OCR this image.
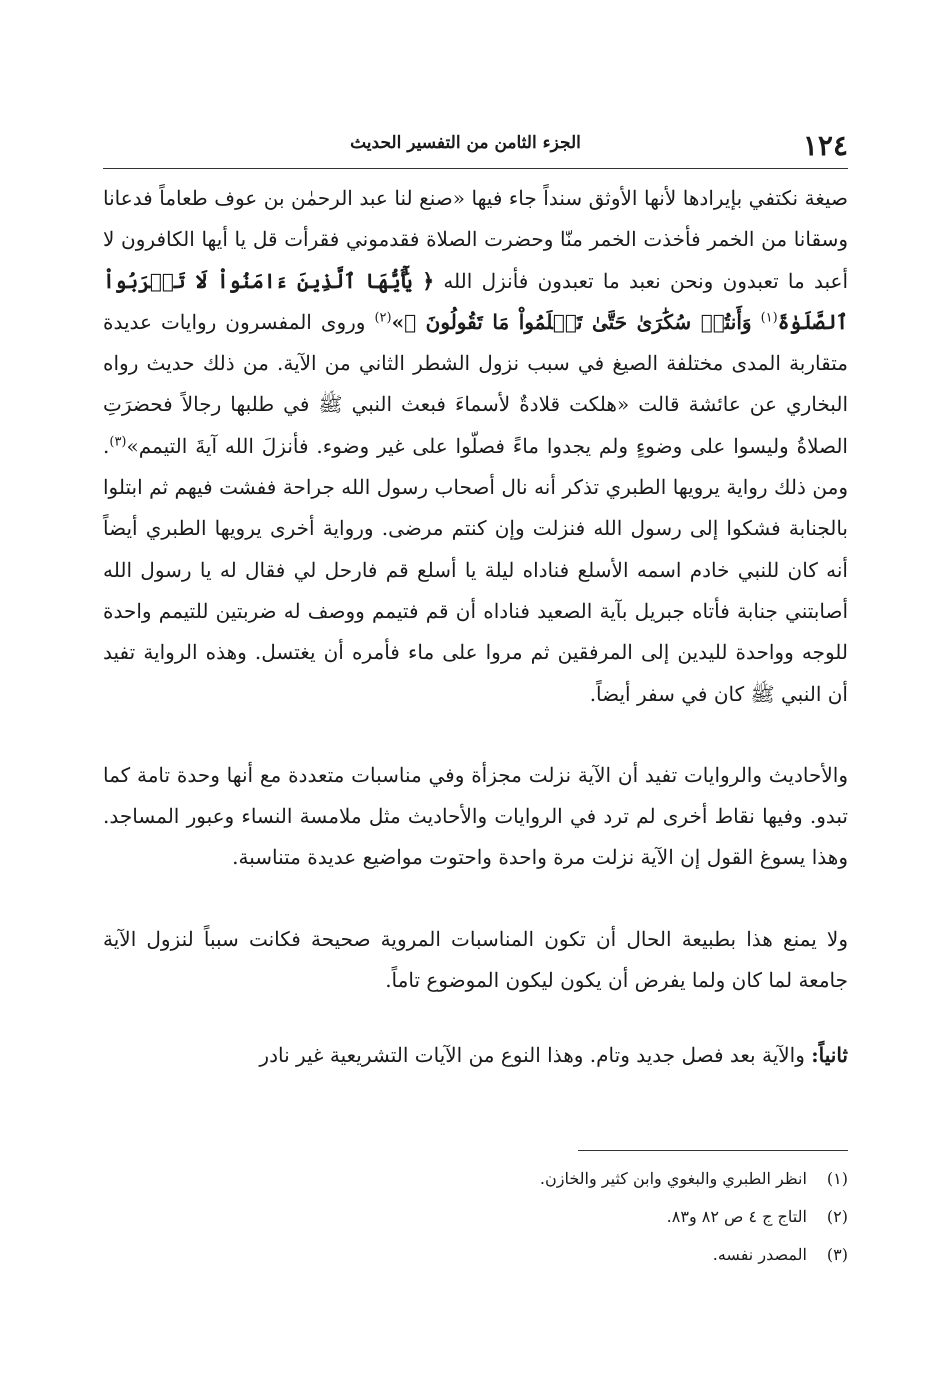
١٢٤
الجزء الثامن من التفسير الحديث

صيغة نكتفي بإيرادها لأنها الأوثق سنداً جاء فيها «صنع لنا عبد الرحمٰن بن عوف طعاماً فدعانا وسقانا من الخمر فأخذت الخمر منّا وحضرت الصلاة فقدموني فقرأت قل يا أيها الكافرون لا أعبد ما تعبدون ونحن نعبد ما تعبدون فأنزل الله ﴿ يَٰٓأَيُّهَا ٱلَّذِينَ ءَامَنُواْ لَا تَقۡرَبُواْ ٱلصَّلَوٰةَ$^{(١)}$ وَأَنتُمۡ سُكَٰرَىٰ حَتَّىٰ تَعۡلَمُواْ مَا تَقُولُونَ ﴾»$^{(٢)}$ وروى المفسرون روايات عديدة متقاربة المدى مختلفة الصيغ في سبب نزول الشطر الثاني من الآية. من ذلك حديث رواه البخاري عن عائشة قالت «هلكت قلادةٌ لأسماءَ فبعث النبي ﷺ في طلبها رجالاً فحضرَتِ الصلاةُ وليسوا على وضوءٍ ولم يجدوا ماءً فصلّوا على غير وضوء. فأنزلَ الله آيةَ التيمم»$^{(٣)}$. ومن ذلك رواية يرويها الطبري تذكر أنه نال أصحاب رسول الله جراحة ففشت فيهم ثم ابتلوا بالجنابة فشكوا إلى رسول الله فنزلت وإن كنتم مرضى. ورواية أخرى يرويها الطبري أيضاً أنه كان للنبي خادم اسمه الأسلع فناداه ليلة يا أسلع قم فارحل لي فقال له يا رسول الله أصابتني جنابة فأتاه جبريل بآية الصعيد فناداه أن قم فتيمم ووصف له ضربتين للتيمم واحدة للوجه وواحدة لليدين إلى المرفقين ثم مروا على ماء فأمره أن يغتسل. وهذه الرواية تفيد أن النبي ﷺ كان في سفر أيضاً.

والأحاديث والروايات تفيد أن الآية نزلت مجزأة وفي مناسبات متعددة مع أنها وحدة تامة كما تبدو. وفيها نقاط أخرى لم ترد في الروايات والأحاديث مثل ملامسة النساء وعبور المساجد. وهذا يسوغ القول إن الآية نزلت مرة واحدة واحتوت مواضيع عديدة متناسبة.

ولا يمنع هذا بطبيعة الحال أن تكون المناسبات المروية صحيحة فكانت سبباً لنزول الآية جامعة لما كان ولما يفرض أن يكون ليكون الموضوع تاماً.

ثانياً: والآية بعد فصل جديد وتام. وهذا النوع من الآيات التشريعية غير نادر

(١) انظر الطبري والبغوي وابن كثير والخازن.
(٢) التاج ج ٤ ص ٨٢ و٨٣.
(٣) المصدر نفسه.
